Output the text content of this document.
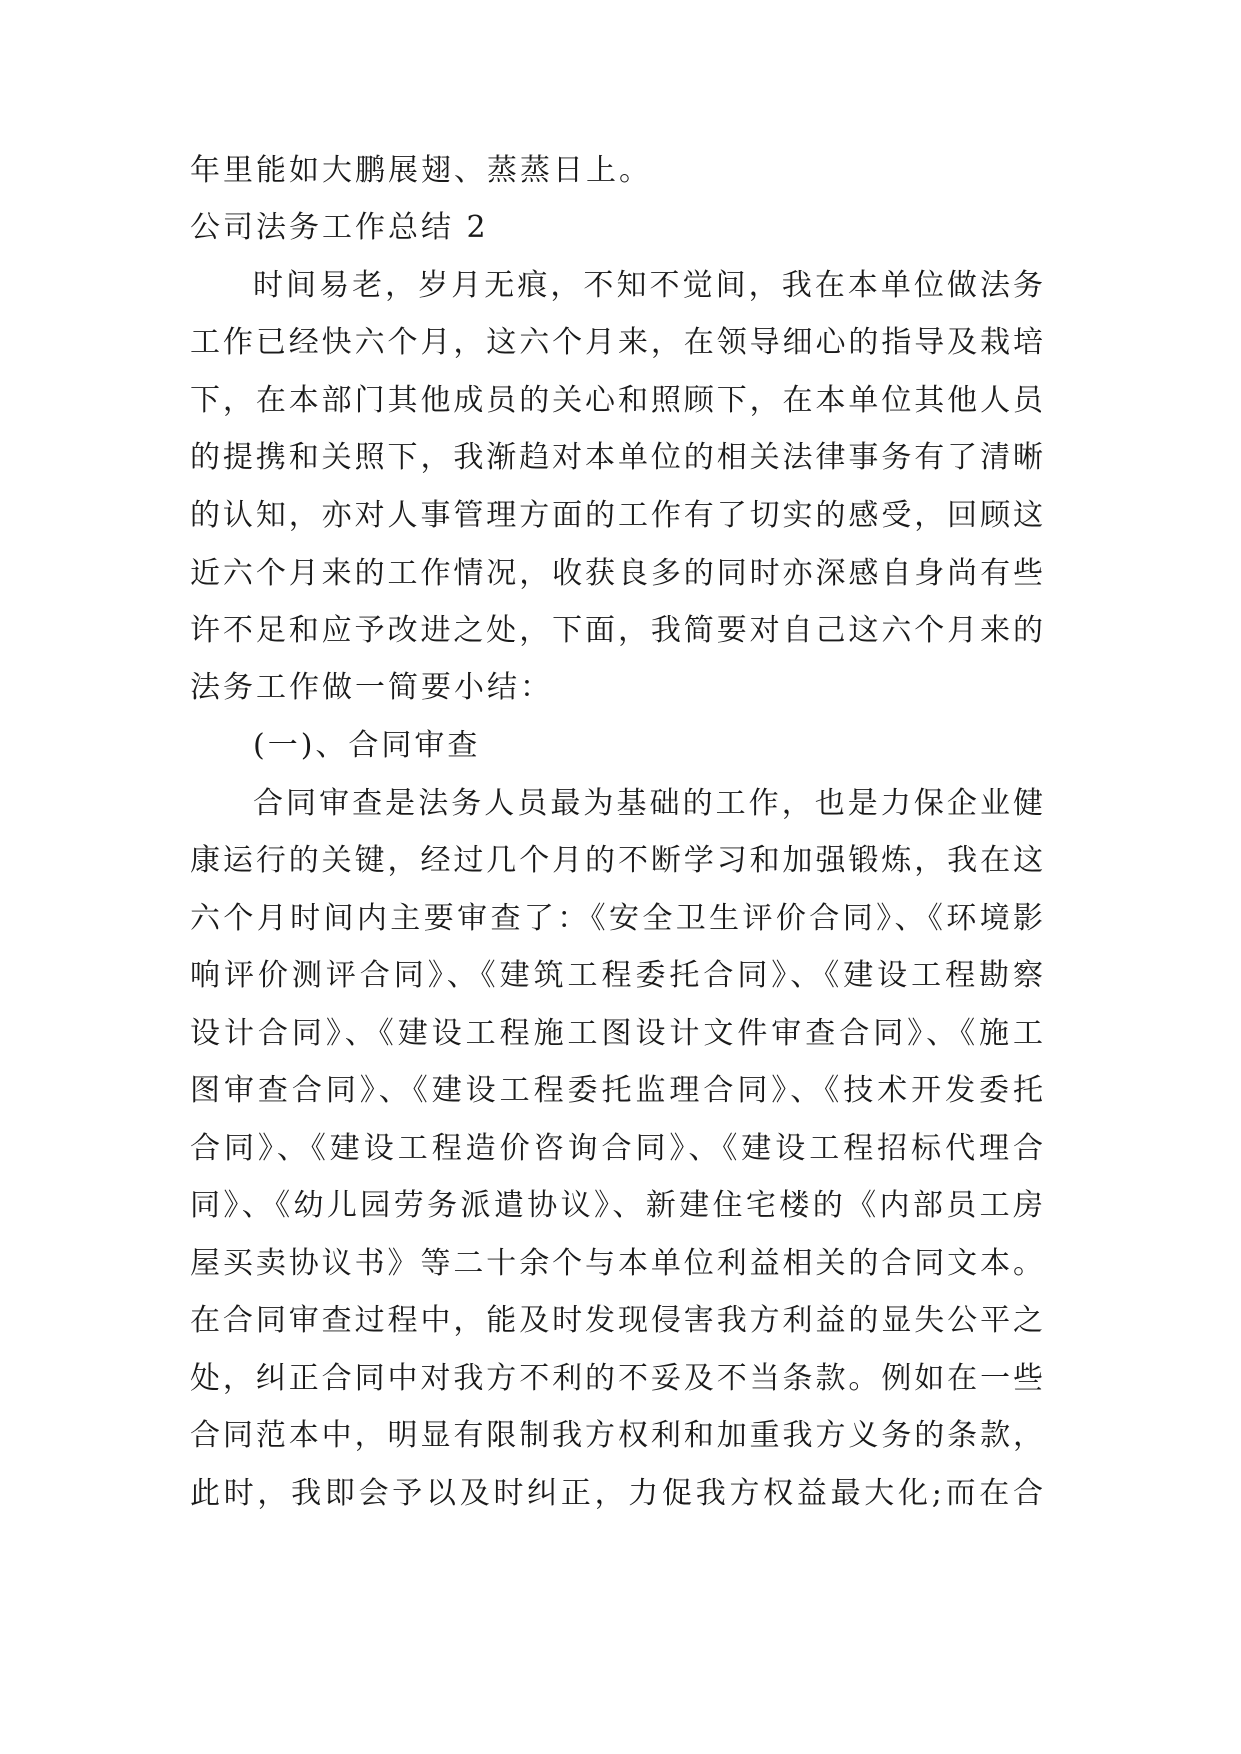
年里能如大鹏展翅、蒸蒸日上。
公司法务工作总结 2
时间易老，岁月无痕，不知不觉间，我在本单位做法务
工作已经快六个月，这六个月来，在领导细心的指导及栽培
下，在本部门其他成员的关心和照顾下，在本单位其他人员
的提携和关照下，我渐趋对本单位的相关法律事务有了清晰
的认知，亦对人事管理方面的工作有了切实的感受，回顾这
近六个月来的工作情况，收获良多的同时亦深感自身尚有些
许不足和应予改进之处，下面，我简要对自己这六个月来的
法务工作做一简要小结：
(一)、合同审查
合同审查是法务人员最为基础的工作，也是力保企业健
康运行的关键，经过几个月的不断学习和加强锻炼，我在这
六个月时间内主要审查了：《安全卫生评价合同》、《环境影
响评价测评合同》、《建筑工程委托合同》、《建设工程勘察
设计合同》、《建设工程施工图设计文件审查合同》、《施工
图审查合同》、《建设工程委托监理合同》、《技术开发委托
合同》、《建设工程造价咨询合同》、《建设工程招标代理合
同》、《幼儿园劳务派遣协议》、新建住宅楼的《内部员工房
屋买卖协议书》等二十余个与本单位利益相关的合同文本。
在合同审查过程中，能及时发现侵害我方利益的显失公平之
处，纠正合同中对我方不利的不妥及不当条款。例如在一些
合同范本中，明显有限制我方权利和加重我方义务的条款，
此时，我即会予以及时纠正，力促我方权益最大化;而在合
